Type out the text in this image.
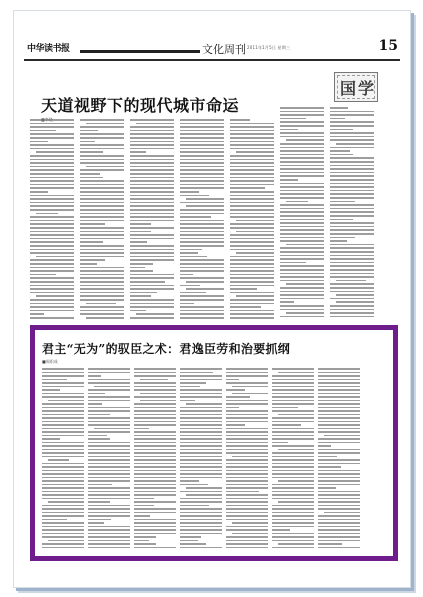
中华读书报	文化周刊 2011年1月5日 星期三	15
国学
天道视野下的现代城市命运
君主“无为”的驭臣之术：君逸臣劳和治要抓纲
■周炽成
